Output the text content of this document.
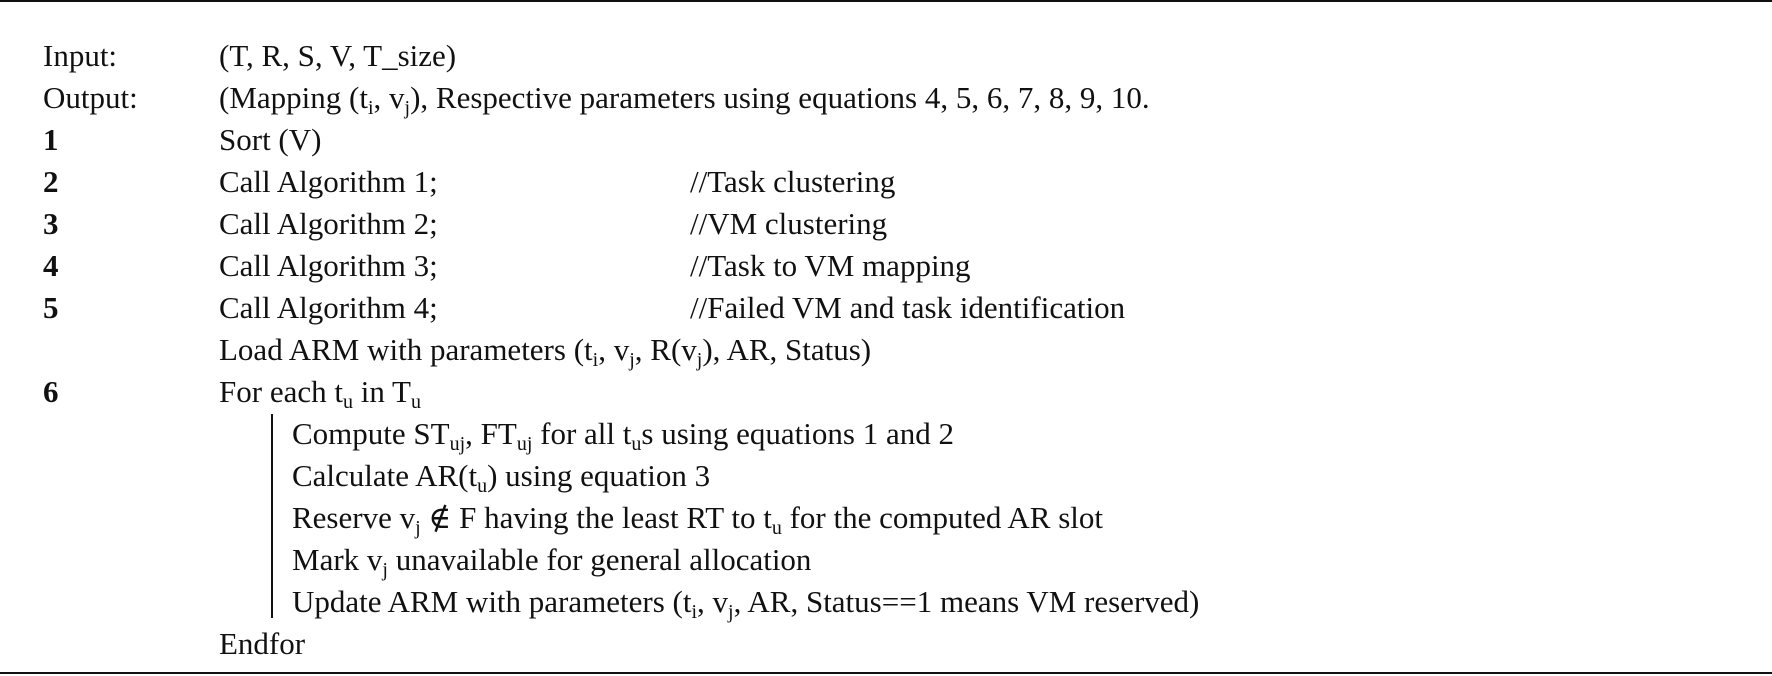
Input:	(T, R, S, V, T_size)
Output:	(Mapping ($t_i$, $v_j$), Respective parameters using equations 4, 5, 6, 7, 8, 9, 10.
1	Sort (V)
2	Call Algorithm 1;	//Task clustering
3	Call Algorithm 2;	//VM clustering
4	Call Algorithm 3;	//Task to VM mapping
5	Call Algorithm 4;	//Failed VM and task identification
Load ARM with parameters ($t_i$, $v_j$, $R(v_j)$, AR, Status)
6	For each $t_u$ in $T_u$
Compute $ST_{uj}$, $FT_{uj}$ for all $t_us$ using equations 1 and 2
Calculate $AR(t_u)$ using equation 3
Reserve $v_j$ ∉ F having the least RT to $t_u$ for the computed AR slot
Mark $v_j$ unavailable for general allocation
Update ARM with parameters ($t_i$, $v_j$, AR, Status==1 means VM reserved)
Endfor
